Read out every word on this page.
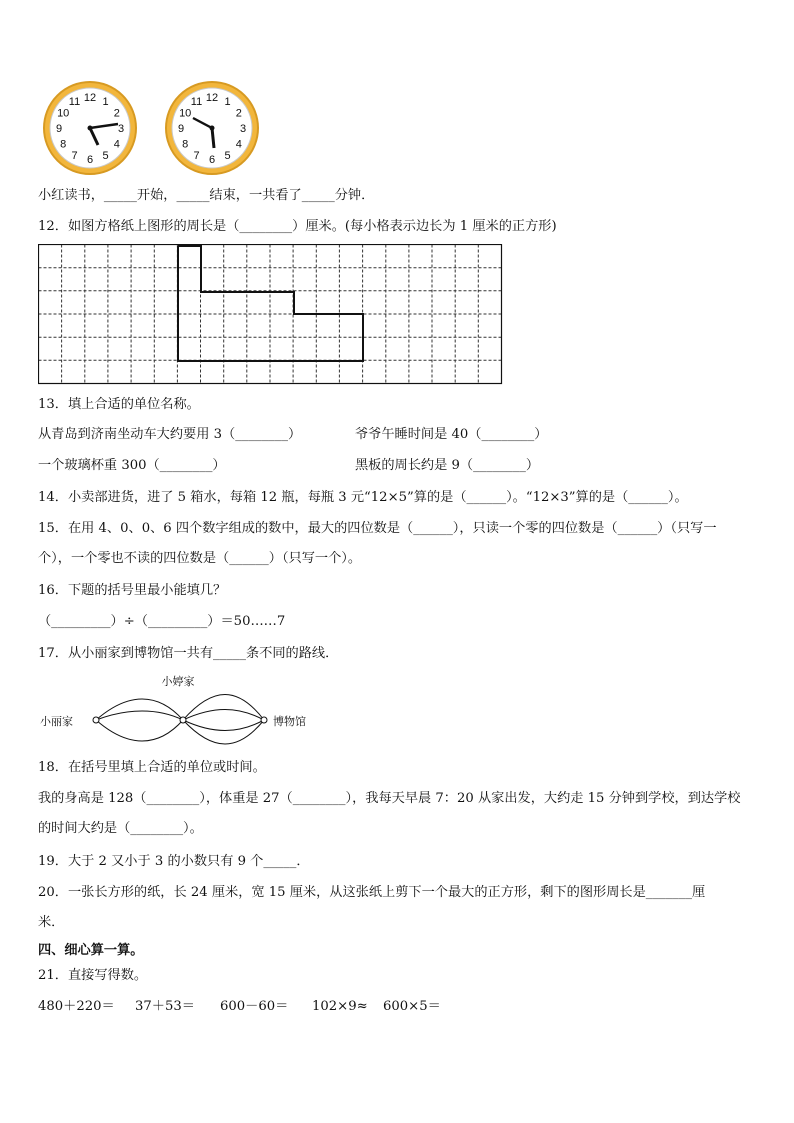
12 1
2
3
4
5
6
7
8
9
10
11	12 1
2
3
4
5
6
7
8
9
10
11
小红读书，_____开始，_____结束，一共看了_____分钟．
12．如图方格纸上图形的周长是（________）厘米。(每小格表示边长为 1 厘米的正方形)
13．填上合适的单位名称。
从青岛到济南坐动车大约要用 3（________）	爷爷午睡时间是 40（________）
一个玻璃杯重 300（________）	黑板的周长约是 9（________）
14．小卖部进货，进了 5 箱水，每箱 12 瓶，每瓶 3 元“12×5”算的是（______）。“12×3”算的是（______）。
15．在用 4、0、0、6 四个数字组成的数中，最大的四位数是（______），只读一个零的四位数是（______）（只写一
个），一个零也不读的四位数是（______）（只写一个）。
16．下题的括号里最小能填几？
（_________）÷（_________）＝50……7
17．从小丽家到博物馆一共有_____条不同的路线．
小婷家
小丽家	博物馆
18．在括号里填上合适的单位或时间。
我的身高是 128（________），体重是 27（________），我每天早晨 7：20 从家出发，大约走 15 分钟到学校，到达学校
的时间大约是（________）。
19．大于 2 又小于 3 的小数只有 9 个_____．
20．一张长方形的纸，长 24 厘米，宽 15 厘米，从这张纸上剪下一个最大的正方形，剩下的图形周长是_______厘
米．
四、细心算一算。
21．直接写得数。
480＋220＝ 37＋53＝ 600－60＝ 102×9≈ 600×5＝
